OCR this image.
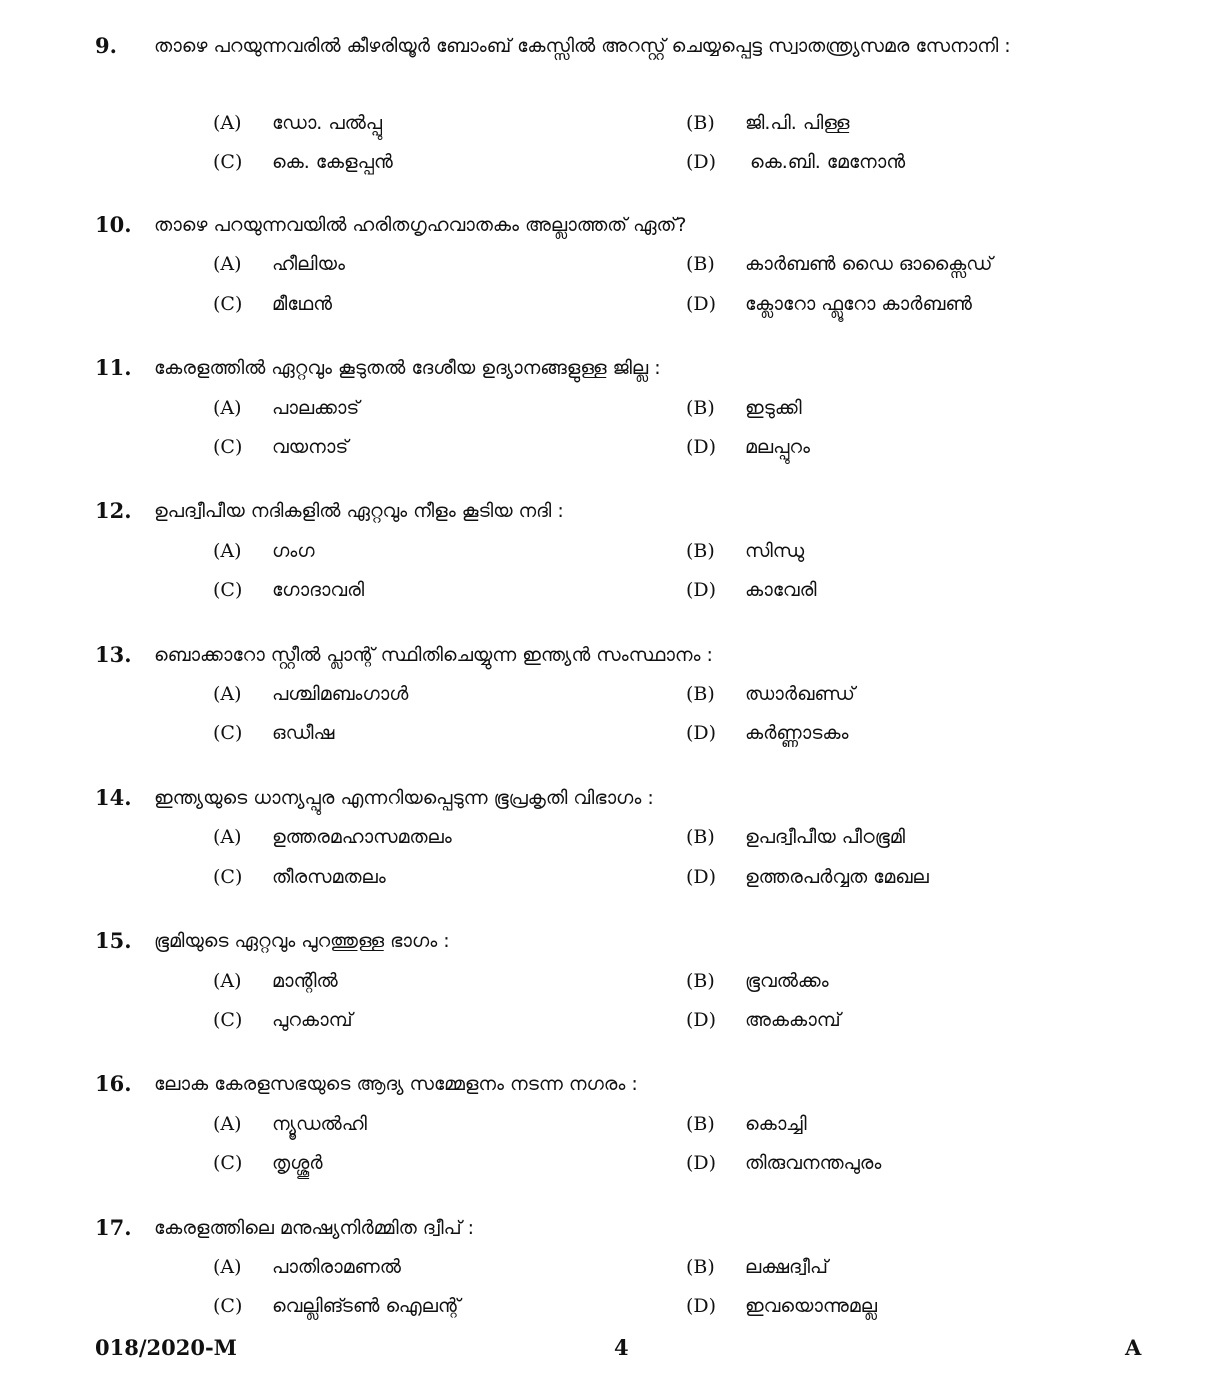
9. താഴെ പറയുന്നവരിൽ കീഴരിയൂർ ബോംബ് കേസ്സിൽ അറസ്റ്റ് ചെയ്യപ്പെട്ട സ്വാതന്ത്ര്യസമര സേനാനി :
(A) ഡോ. പൽപ്പു	(B) ജി.പി. പിള്ള
(C) കെ. കേളപ്പൻ	(D) കെ.ബി. മേനോൻ
10. താഴെ പറയുന്നവയിൽ ഹരിതഗൃഹവാതകം അല്ലാത്തത് ഏത്?
(A) ഹീലിയം	(B) കാർബൺ ഡൈ ഓക്സൈഡ്
(C) മീഥേൻ	(D) ക്ലോറോ ഫ്ലൂറോ കാർബൺ
11. കേരളത്തിൽ ഏറ്റവും കൂടുതൽ ദേശീയ ഉദ്യാനങ്ങളുള്ള ജില്ല :
(A) പാലക്കാട്	(B) ഇടുക്കി
(C) വയനാട്	(D) മലപ്പുറം
12. ഉപദ്വീപീയ നദികളിൽ ഏറ്റവും നീളം കൂടിയ നദി :
(A) ഗംഗ	(B) സിന്ധു
(C) ഗോദാവരി	(D) കാവേരി
13. ബൊക്കാറോ സ്റ്റീൽ പ്ലാന്റ് സ്ഥിതിചെയ്യുന്ന ഇന്ത്യൻ സംസ്ഥാനം :
(A) പശ്ചിമബംഗാൾ	(B) ഝാർഖണ്ഡ്
(C) ഒഡീഷ	(D) കർണ്ണാടകം
14. ഇന്ത്യയുടെ ധാന്യപ്പുര എന്നറിയപ്പെടുന്ന ഭൂപ്രകൃതി വിഭാഗം :
(A) ഉത്തരമഹാസമതലം	(B) ഉപദ്വീപീയ പീഠഭൂമി
(C) തീരസമതലം	(D) ഉത്തരപർവ്വത മേഖല
15. ഭൂമിയുടെ ഏറ്റവും പുറത്തുള്ള ഭാഗം :
(A) മാന്റിൽ	(B) ഭൂവൽക്കം
(C) പുറകാമ്പ്	(D) അകകാമ്പ്
16. ലോക കേരളസഭയുടെ ആദ്യ സമ്മേളനം നടന്ന നഗരം :
(A) ന്യൂഡൽഹി	(B) കൊച്ചി
(C) തൃശ്ശൂർ	(D) തിരുവനന്തപുരം
17. കേരളത്തിലെ മനുഷ്യനിർമ്മിത ദ്വീപ് :
(A) പാതിരാമണൽ	(B) ലക്ഷദ്വീപ്
(C) വെല്ലിങ്ടൺ ഐലന്റ്	(D) ഇവയൊന്നുമല്ല
018/2020-M	4	A
